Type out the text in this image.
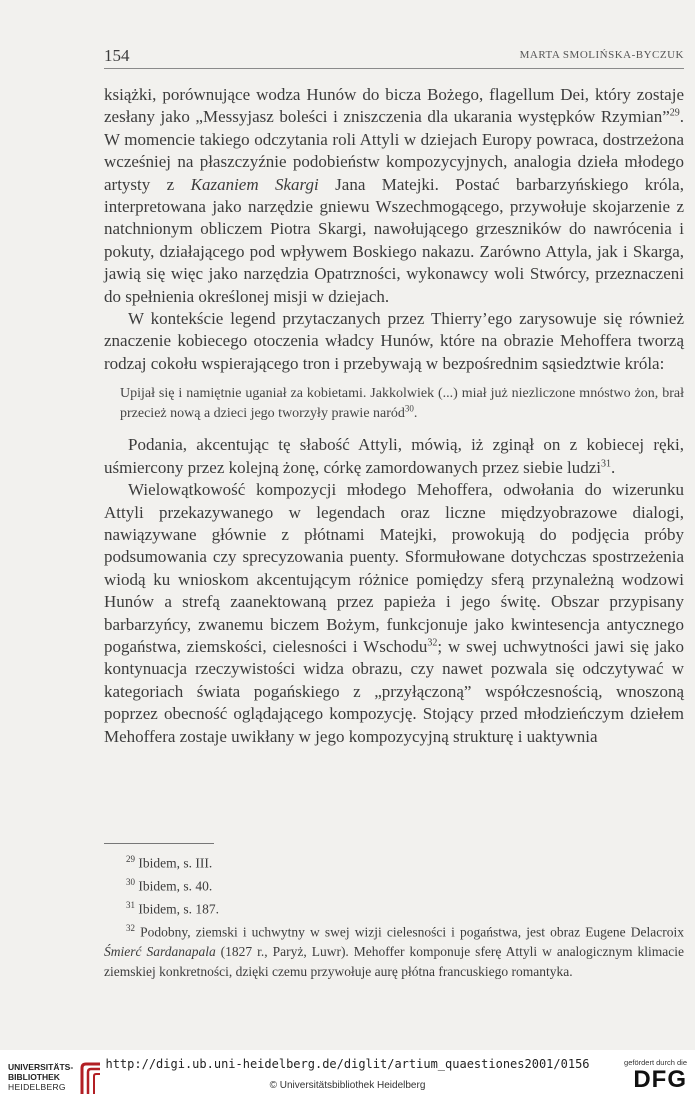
154	MARTA SMOLIŃSKA-BYCZUK

książki, porównujące wodza Hunów do bicza Bożego, flagellum Dei, który zostaje zesłany jako „Messyjasz boleści i zniszczenia dla ukarania występków Rzymian”$^{29}$. W momencie takiego odczytania roli Attyli w dziejach Europy powraca, dostrzeżona wcześniej na płaszczyźnie podobieństw kompozycyjnych, analogia dzieła młodego artysty z Kazaniem Skargi Jana Matejki. Postać barbarzyńskiego króla, interpretowana jako narzędzie gniewu Wszechmogącego, przywołuje skojarzenie z natchnionym obliczem Piotra Skargi, nawołującego grzeszników do nawrócenia i pokuty, działającego pod wpływem Boskiego nakazu. Zarówno Attyla, jak i Skarga, jawią się więc jako narzędzia Opatrzności, wykonawcy woli Stwórcy, przeznaczeni do spełnienia określonej misji w dziejach.

W kontekście legend przytaczanych przez Thierry’ego zarysowuje się również znaczenie kobiecego otoczenia władcy Hunów, które na obrazie Mehoffera tworzą rodzaj cokołu wspierającego tron i przebywają w bezpośrednim sąsiedztwie króla:

Upijał się i namiętnie uganiał za kobietami. Jakkolwiek (...) miał już niezliczone mnóstwo żon, brał przecież nową a dzieci jego tworzyły prawie naród$^{30}$.

Podania, akcentując tę słabość Attyli, mówią, iż zginął on z kobiecej ręki, uśmiercony przez kolejną żonę, córkę zamordowanych przez siebie ludzi$^{31}$.

Wielowątkowość kompozycji młodego Mehoffera, odwołania do wizerunku Attyli przekazywanego w legendach oraz liczne międzyobrazowe dialogi, nawiązywane głównie z płótnami Matejki, prowokują do podjęcia próby podsumowania czy sprecyzowania puenty. Sformułowane dotychczas spostrzeżenia wiodą ku wnioskom akcentującym różnice pomiędzy sferą przynależną wodzowi Hunów a strefą zaanektowaną przez papieża i jego świtę. Obszar przypisany barbarzyńcy, zwanemu biczem Bożym, funkcjonuje jako kwintesencja antycznego pogaństwa, ziemskości, cielesności i Wschodu$^{32}$; w swej uchwytności jawi się jako kontynuacja rzeczywistości widza obrazu, czy nawet pozwala się odczytywać w kategoriach świata pogańskiego z „przyłączoną” współczesnością, wnoszoną poprzez obecność oglądającego kompozycję. Stojący przed młodzieńczym dziełem Mehoffera zostaje uwikłany w jego kompozycyjną strukturę i uaktywnia

$^{29}$ Ibidem, s. III.

$^{30}$ Ibidem, s. 40.

$^{31}$ Ibidem, s. 187.

$^{32}$ Podobny, ziemski i uchwytny w swej wizji cielesności i pogaństwa, jest obraz Eugene Delacroix Śmierć Sardanapala (1827 r., Paryż, Luwr). Mehoffer komponuje sferę Attyli w analogicznym klimacie ziemskiej konkretności, dzięki czemu przywołuje aurę płótna francuskiego romantyka.

UNIVERSITÄTS-
BIBLIOTHEK
HEIDELBERG
http://digi.ub.uni-heidelberg.de/diglit/artium_quaestiones2001/0156
© Universitätsbibliothek Heidelberg
gefördert durch die
DFG
